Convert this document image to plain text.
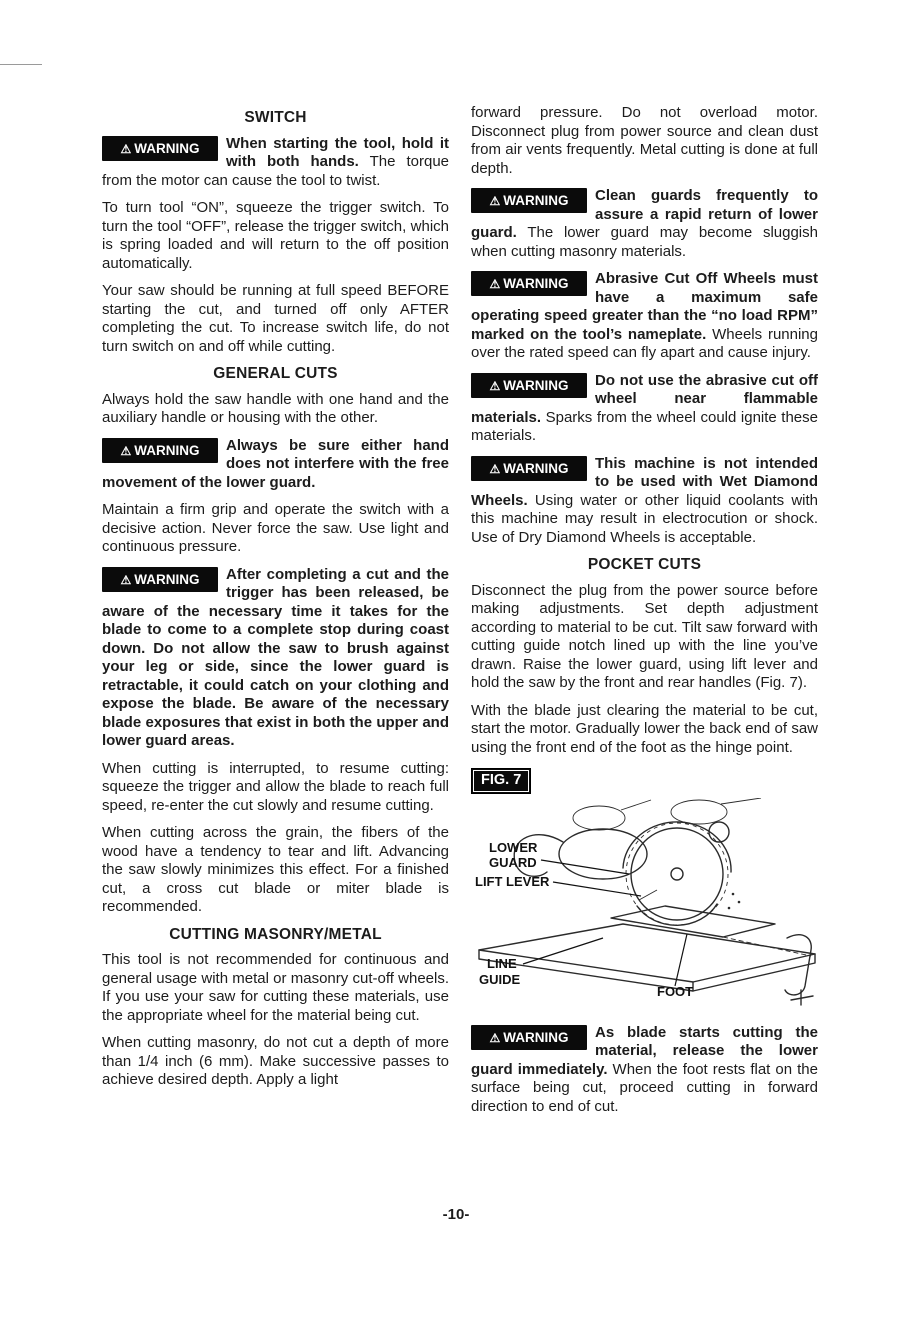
SWITCH

⚠ WARNING	When starting the tool, hold it with both hands. The torque from the motor can cause the tool to twist.

To turn tool “ON”, squeeze the trigger switch. To turn the tool “OFF”, release the trigger switch, which is spring loaded and will return to the off position automatically.

Your saw should be running at full speed BEFORE starting the cut, and turned off only AFTER completing the cut. To increase switch life, do not turn switch on and off while cutting.

GENERAL CUTS

Always hold the saw handle with one hand and the auxiliary handle or housing with the other.

⚠ WARNING	Always be sure either hand does not interfere with the free movement of the lower guard.

Maintain a firm grip and operate the switch with a decisive action. Never force the saw. Use light and continuous pressure.

⚠ WARNING	After completing a cut and the trigger has been released, be aware of the necessary time it takes for the blade to come to a complete stop during coast down. Do not allow the saw to brush against your leg or side, since the lower guard is retractable, it could catch on your clothing and expose the blade. Be aware of the necessary blade exposures that exist in both the upper and lower guard areas.

When cutting is interrupted, to resume cutting: squeeze the trigger and allow the blade to reach full speed, re-enter the cut slowly and resume cutting.

When cutting across the grain, the fibers of the wood have a tendency to tear and lift. Advancing the saw slowly minimizes this effect. For a finished cut, a cross cut blade or miter blade is recommended.

CUTTING MASONRY/METAL

This tool is not recommended for continuous and general usage with metal or masonry cut-off wheels. If you use your saw for cutting these materials, use the appropriate wheel for the material being cut.

When cutting masonry, do not cut a depth of more than 1/4 inch (6 mm). Make successive passes to achieve desired depth. Apply a light

forward pressure. Do not overload motor. Disconnect plug from power source and clean dust from air vents frequently. Metal cutting is done at full depth.

⚠ WARNING	Clean guards frequently to assure a rapid return of lower guard. The lower guard may become sluggish when cutting masonry materials.

⚠ WARNING	Abrasive Cut Off Wheels must have a maximum safe operating speed greater than the “no load RPM” marked on the tool’s nameplate. Wheels running over the rated speed can fly apart and cause injury.

⚠ WARNING	Do not use the abrasive cut off wheel near flammable materials. Sparks from the wheel could ignite these materials.

⚠ WARNING	This machine is not intended to be used with Wet Diamond Wheels. Using water or other liquid coolants with this machine may result in electrocution or shock. Use of Dry Diamond Wheels is acceptable.

POCKET CUTS

Disconnect the plug from the power source before making adjustments. Set depth adjustment according to material to be cut. Tilt saw forward with cutting guide notch lined up with the line you’ve drawn. Raise the lower guard, using lift lever and hold the saw by the front and rear handles (Fig. 7).

With the blade just clearing the material to be cut, start the motor. Gradually lower the back end of saw using the front end of the foot as the hinge point.

FIG. 7
LOWER
GUARD
LIFT LEVER
LINE
GUIDE
FOOT

⚠ WARNING	As blade starts cutting the material, release the lower guard immediately. When the foot rests flat on the surface being cut, proceed cutting in forward direction to end of cut.

-10-
